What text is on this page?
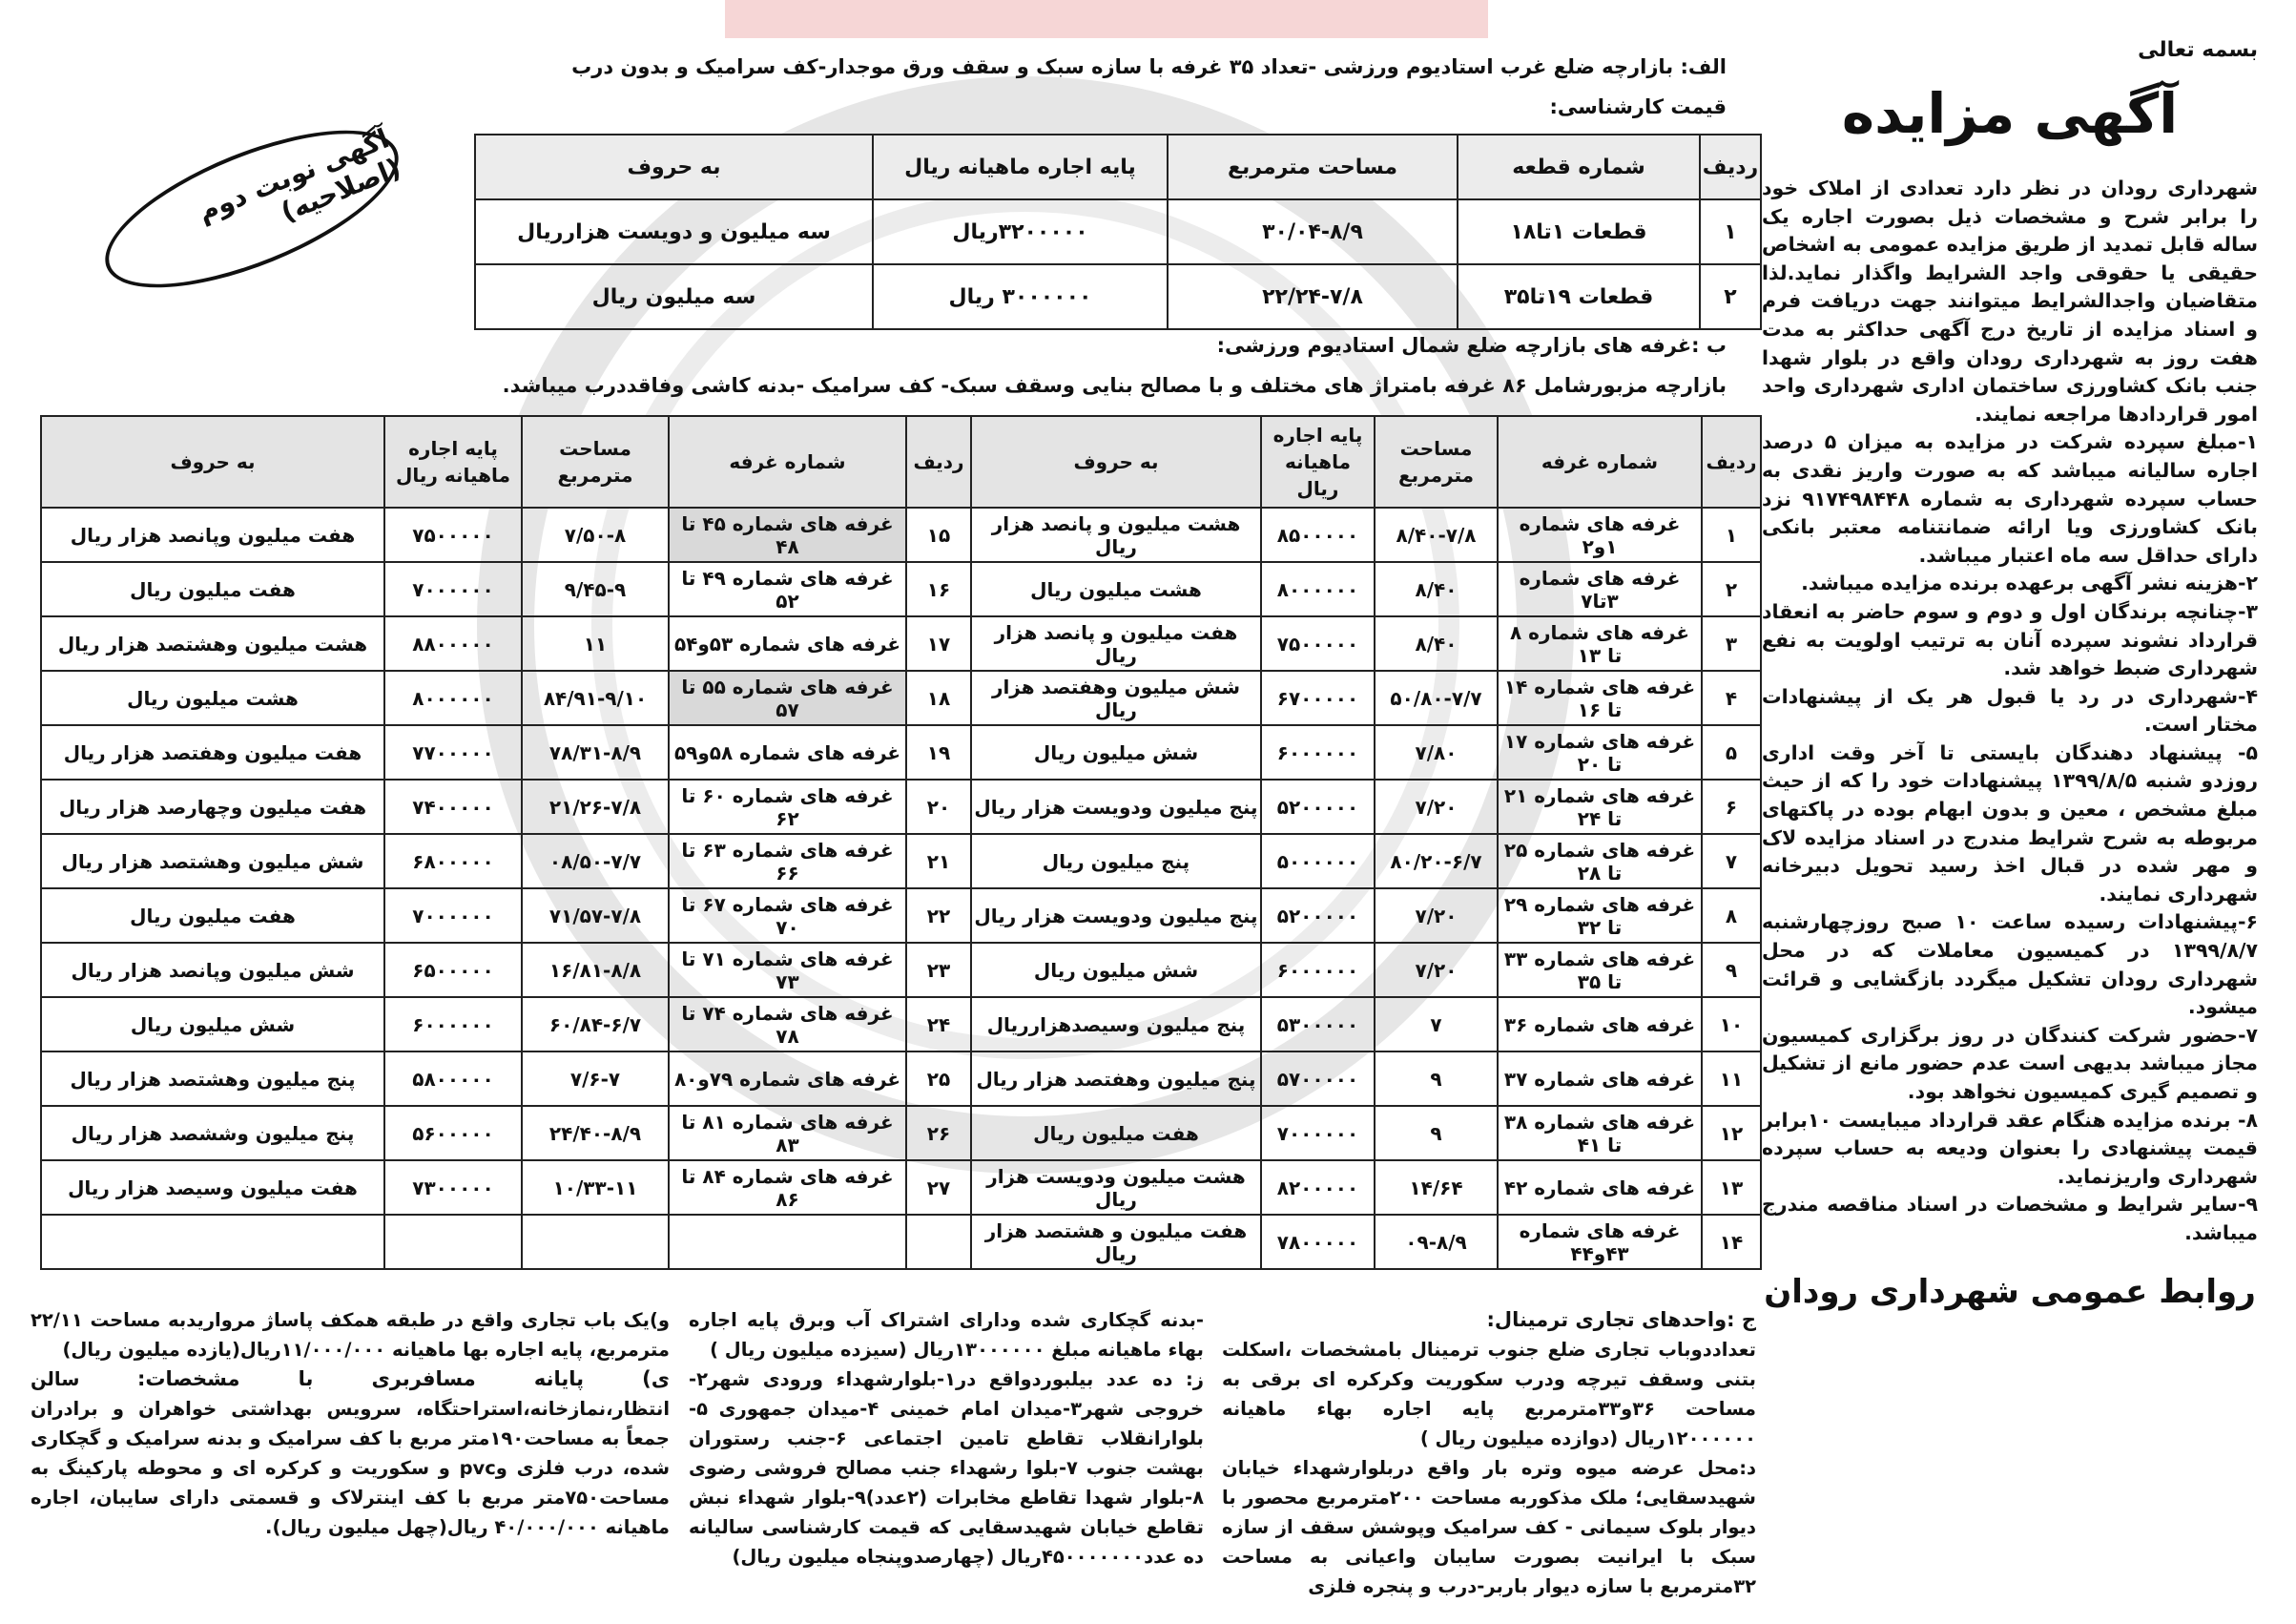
بسمه تعالی
آگهی مزایده
شهرداری رودان در نظر دارد تعدادی از املاک خود را برابر شرح و مشخصات ذیل بصورت اجاره یک ساله قابل تمدید از طریق مزایده عمومی به اشخاص حقیقی یا حقوقی واجد الشرایط واگذار نماید.لذا متقاضیان واجدالشرایط میتوانند جهت دریافت فرم و اسناد مزایده از تاریخ درج آگهی حداکثر به مدت هفت روز به شهرداری رودان واقع در بلوار شهدا جنب بانک کشاورزی ساختمان اداری شهرداری واحد امور قراردادها مراجعه نمایند.
۱-مبلغ سپرده شرکت در مزایده به میزان ۵ درصد اجاره سالیانه میباشد که به صورت واریز نقدی به حساب سپرده شهرداری به شماره ۹۱۷۴۹۸۴۴۸ نزد بانک کشاورزی ویا ارائه ضمانتنامه معتبر بانکی دارای حداقل سه ماه اعتبار میباشد.
۲-هزینه نشر آگهی برعهده برنده مزایده میباشد.
۳-چنانچه برندگان اول و دوم و سوم حاضر به انعقاد قرارداد نشوند سپرده آنان به ترتیب اولویت به نفع شهرداری ضبط خواهد شد.
۴-شهرداری در رد یا قبول هر یک از پیشنهادات مختار است.
۵- پیشنهاد دهندگان بایستی تا آخر وقت اداری روزدو شنبه ۱۳۹۹/۸/۵ پیشنهادات خود را که از حیث مبلغ مشخص ، معین و بدون ابهام بوده در پاکتهای مربوطه به شرح شرایط مندرج در اسناد مزایده لاک و مهر شده در قبال اخذ رسید تحویل دبیرخانه شهرداری نمایند.
۶-پیشنهادات رسیده ساعت ۱۰ صبح روزچهارشنبه ۱۳۹۹/۸/۷ در کمیسیون معاملات که در محل شهرداری رودان تشکیل میگردد بازگشایی و قرائت میشود.
۷-حضور شرکت کنندگان در روز برگزاری کمیسیون مجاز میباشد بدیهی است عدم حضور مانع از تشکیل و تصمیم گیری کمیسیون نخواهد بود.
۸- برنده مزایده هنگام عقد قرارداد میبایست ۱۰برابر قیمت پیشنهادی را بعنوان ودیعه به حساب سپرده شهرداری واریزنماید.
۹-سایر شرایط و مشخصات در اسناد مناقصه مندرج میباشد.
روابط عمومی شهرداری رودان
آگهی نوبت دوم (اصلاحیه)
الف: بازارچه ضلع غرب استادیوم ورزشی -تعداد ۳۵ غرفه با سازه سبک و سقف ورق موجدار-کف سرامیک و بدون درب
قیمت کارشناسی:
ردیف	شماره قطعه	مساحت مترمربع	پایه اجاره ماهیانه ریال	به حروف
۱	قطعات ۱تا۱۸	۳۰/۰۴-۸/۹	۳۲۰۰۰۰۰ریال	سه میلیون و دویست هزارریال
۲	قطعات ۱۹تا۳۵	۲۲/۲۴-۷/۸	۳۰۰۰۰۰۰ ریال	سه میلیون ریال
ب :غرفه های بازارچه ضلع شمال استادیوم ورزشی:
بازارچه مزبورشامل ۸۶ غرفه بامتراژ های مختلف و با مصالح بنایی وسقف سبک- کف سرامیک -بدنه کاشی وفاقددرب میباشد.
ردیف	شماره غرفه	مساحت مترمربع	پایه اجاره ماهیانه ریال	به حروف	ردیف	شماره غرفه	مساحت مترمربع	پایه اجاره ماهیانه ریال	به حروف
۱	غرفه های شماره ۱و۲	۸/۴۰-۷/۸	۸۵۰۰۰۰۰	هشت میلیون و پانصد هزار ریال	۱۵	غرفه های شماره ۴۵ تا ۴۸	۷/۵۰-۸	۷۵۰۰۰۰۰	هفت میلیون وپانصد هزار ریال
۲	غرفه های شماره ۳تا۷	۸/۴۰	۸۰۰۰۰۰۰	هشت میلیون ریال	۱۶	غرفه های شماره ۴۹ تا ۵۲	۹/۴۵-۹	۷۰۰۰۰۰۰	هفت میلیون ریال
۳	غرفه های شماره ۸ تا ۱۳	۸/۴۰	۷۵۰۰۰۰۰	هفت میلیون و پانصد هزار ریال	۱۷	غرفه های شماره ۵۳و۵۴	۱۱	۸۸۰۰۰۰۰	هشت میلیون وهشتصد هزار ریال
۴	غرفه های شماره ۱۴ تا ۱۶	۵۰/۸۰-۷/۷	۶۷۰۰۰۰۰	شش میلیون وهفتصد هزار ریال	۱۸	غرفه های شماره ۵۵ تا ۵۷	۸۴/۹۱-۹/۱۰	۸۰۰۰۰۰۰	هشت میلیون ریال
۵	غرفه های شماره ۱۷ تا ۲۰	۷/۸۰	۶۰۰۰۰۰۰	شش میلیون ریال	۱۹	غرفه های شماره ۵۸و۵۹	۷۸/۳۱-۸/۹	۷۷۰۰۰۰۰	هفت میلیون وهفتصد هزار ریال
۶	غرفه های شماره ۲۱ تا ۲۴	۷/۲۰	۵۲۰۰۰۰۰	پنج میلیون ودویست هزار ریال	۲۰	غرفه های شماره ۶۰ تا ۶۲	۲۱/۲۶-۷/۸	۷۴۰۰۰۰۰	هفت میلیون وچهارصد هزار ریال
۷	غرفه های شماره ۲۵ تا ۲۸	۸۰/۲۰-۶/۷	۵۰۰۰۰۰۰	پنج میلیون ریال	۲۱	غرفه های شماره ۶۳ تا ۶۶	۰۸/۵۰-۷/۷	۶۸۰۰۰۰۰	شش میلیون وهشتصد هزار ریال
۸	غرفه های شماره ۲۹ تا ۳۲	۷/۲۰	۵۲۰۰۰۰۰	پنج میلیون ودویست هزار ریال	۲۲	غرفه های شماره ۶۷ تا ۷۰	۷۱/۵۷-۷/۸	۷۰۰۰۰۰۰	هفت میلیون ریال
۹	غرفه های شماره ۳۳ تا ۳۵	۷/۲۰	۶۰۰۰۰۰۰	شش میلیون ریال	۲۳	غرفه های شماره ۷۱ تا ۷۳	۱۶/۸۱-۸/۸	۶۵۰۰۰۰۰	شش میلیون وپانصد هزار ریال
۱۰	غرفه های شماره ۳۶	۷	۵۳۰۰۰۰۰	پنج میلیون وسیصدهزارریال	۲۴	غرفه های شماره ۷۴ تا ۷۸	۶۰/۸۴-۶/۷	۶۰۰۰۰۰۰	شش میلیون ریال
۱۱	غرفه های شماره ۳۷	۹	۵۷۰۰۰۰۰	پنج میلیون وهفتصد هزار ریال	۲۵	غرفه های شماره ۷۹و۸۰	۷/۶-۷	۵۸۰۰۰۰۰	پنج میلیون وهشتصد هزار ریال
۱۲	غرفه های شماره ۳۸ تا ۴۱	۹	۷۰۰۰۰۰۰	هفت میلیون ریال	۲۶	غرفه های شماره ۸۱ تا ۸۳	۲۴/۴۰-۸/۹	۵۶۰۰۰۰۰	پنج میلیون وششصد هزار ریال
۱۳	غرفه های شماره ۴۲	۱۴/۶۴	۸۲۰۰۰۰۰	هشت میلیون ودویست هزار ریال	۲۷	غرفه های شماره ۸۴ تا ۸۶	۱۰/۳۳-۱۱	۷۳۰۰۰۰۰	هفت میلیون وسیصد هزار ریال
۱۴	غرفه های شماره ۴۳و۴۴	۰۹-۸/۹	۷۸۰۰۰۰۰	هفت میلیون و هشتصد هزار ریال					
ج :واحدهای تجاری ترمینال:
تعداددوباب تجاری ضلع جنوب ترمینال بامشخصات ،اسکلت بتنی وسقف تیرچه ودرب سکوریت وکرکره ای برقی به مساحت ۳۶و۳۳مترمربع پایه اجاره بهاء ماهیانه ۱۲۰۰۰۰۰۰ریال (دوازده میلیون ریال )
د:محل عرضه میوه وتره بار واقع دربلوارشهداء خیابان شهیدسقایی؛ ملک مذکوربه مساحت ۲۰۰مترمربع محصور با دیوار بلوک سیمانی - کف سرامیک وپوشش سقف از سازه سبک با ایرانیت بصورت سایبان واعیانی به مساحت ۳۲مترمربع با سازه دیوار باربر-درب و پنجره فلزی
-بدنه گچکاری شده ودارای اشتراک آب وبرق پایه اجاره بهاء ماهیانه مبلغ ۱۳۰۰۰۰۰۰ریال (سیزده میلیون ریال )
ز: ده عدد بیلبوردواقع در۱-بلوارشهداء ورودی شهر۲-خروجی شهر۳-میدان امام خمینی ۴-میدان جمهوری ۵-بلوارانقلاب تقاطع تامین اجتماعی ۶-جنب رستوران بهشت جنوب ۷-بلوا رشهداء جنب مصالح فروشی رضوی ۸-بلوار شهدا تقاطع مخابرات (۲عدد)۹-بلوار شهداء نبش تقاطع خیابان شهیدسقایی که قیمت کارشناسی سالیانه ده عدد۴۵۰۰۰۰۰۰۰ریال (چهارصدوپنجاه میلیون ریال)
و)یک باب تجاری واقع در طبقه همکف پاساژ مرواریدبه مساحت ۲۲/۱۱ مترمربع، پایه اجاره بها ماهیانه ۱۱/۰۰۰/۰۰۰ریال(یازده میلیون ریال)
ی) پایانه مسافربری با مشخصات: سالن انتظار،نمازخانه،استراحتگاه، سرویس بهداشتی خواهران و برادران جمعاً به مساحت۱۹۰متر مربع با کف سرامیک و بدنه سرامیک و گچکاری شده، درب فلزی وpvc و سکوریت و کرکره ای و محوطه پارکینگ به مساحت۷۵۰متر مربع با کف اینترلاک و قسمتی دارای سایبان، اجاره ماهیانه ۴۰/۰۰۰/۰۰۰ ریال(چهل میلیون ریال).
